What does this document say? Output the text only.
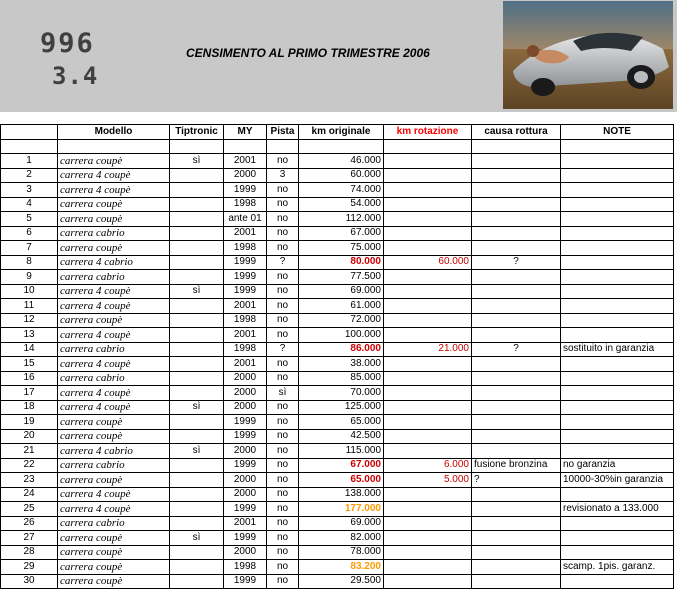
996
3.4
CENSIMENTO AL PRIMO TRIMESTRE 2006
	Modello	Tiptronic	MY	Pista	km originale	km rotazione	causa rottura	NOTE

1	carrera coupè	sì	2001	no	46.000			
2	carrera 4 coupè		2000	3	60.000			
3	carrera 4 coupè		1999	no	74.000			
4	carrera coupè		1998	no	54.000			
5	carrera coupè		ante 01	no	112.000			
6	carrera cabrio		2001	no	67.000			
7	carrera coupè		1998	no	75.000			
8	carrera 4 cabrio		1999	?	80.000	60.000	?	
9	carrera cabrio		1999	no	77.500			
10	carrera 4 coupè	sì	1999	no	69.000			
11	carrera 4 coupè		2001	no	61.000			
12	carrera coupè		1998	no	72.000			
13	carrera 4 coupè		2001	no	100.000			
14	carrera cabrio		1998	?	86.000	21.000	?	sostituito in garanzia
15	carrera 4 coupè		2001	no	38.000			
16	carrera cabrio		2000	no	85.000			
17	carrera 4 coupè		2000	sì	70.000			
18	carrera 4 coupè	sì	2000	no	125.000			
19	carrera coupè		1999	no	65.000			
20	carrera coupè		1999	no	42.500			
21	carrera 4 cabrio	sì	2000	no	115.000			
22	carrera cabrio		1999	no	67.000	6.000	fusione bronzina	no garanzia
23	carrera coupè		2000	no	65.000	5.000	?	10000-30%in garanzia
24	carrera 4 coupè		2000	no	138.000			
25	carrera 4 coupè		1999	no	177.000			revisionato a 133.000
26	carrera cabrio		2001	no	69.000			
27	carrera coupè	sì	1999	no	82.000			
28	carrera coupè		2000	no	78.000			
29	carrera coupè		1998	no	83.200			scamp. 1pis. garanz.
30	carrera coupè		1999	no	29.500			
